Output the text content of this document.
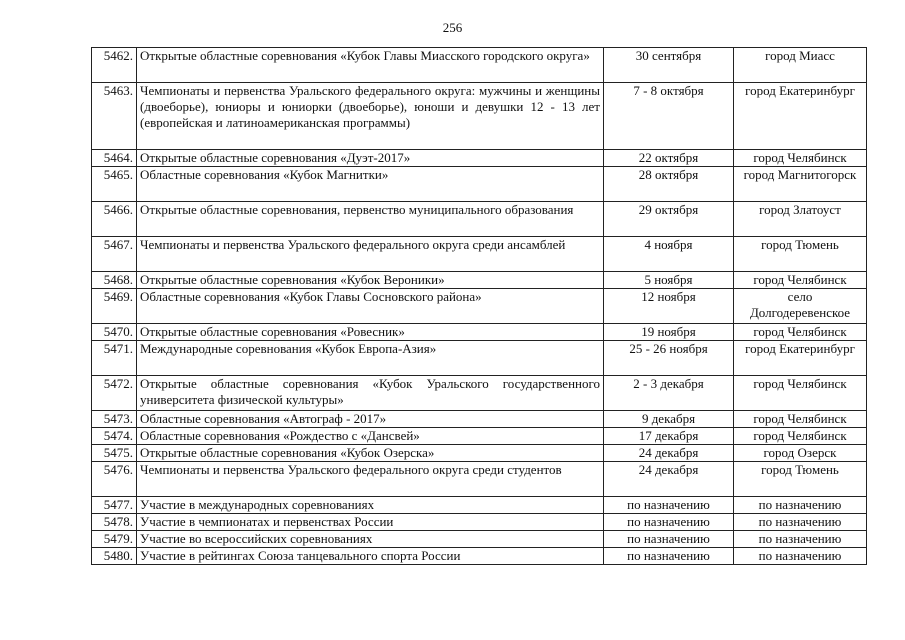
256
5462.	Открытые областные соревнования «Кубок Главы Миасского городского округа»	30 сентября	город Миасс
5463.	Чемпионаты и первенства Уральского федерального округа: мужчины и женщины (двоеборье), юниоры и юниорки (двоеборье), юноши и девушки 12 - 13 лет (европейская и латиноамериканская программы)	7 - 8 октября	город Екатеринбург
5464.	Открытые областные соревнования «Дуэт-2017»	22 октября	город Челябинск
5465.	Областные соревнования «Кубок Магнитки»	28 октября	город Магнитогорск
5466.	Открытые областные соревнования, первенство муниципального образования	29 октября	город Златоуст
5467.	Чемпионаты и первенства Уральского федерального округа среди ансамблей	4 ноября	город Тюмень
5468.	Открытые областные соревнования «Кубок Вероники»	5 ноября	город Челябинск
5469.	Областные соревнования «Кубок Главы Сосновского района»	12 ноября	село Долгодеревенское
5470.	Открытые областные соревнования «Ровесник»	19 ноября	город Челябинск
5471.	Международные соревнования «Кубок Европа-Азия»	25 - 26 ноября	город Екатеринбург
5472.	Открытые областные соревнования «Кубок Уральского государственного университета физической культуры»	2 - 3 декабря	город Челябинск
5473.	Областные соревнования «Автограф - 2017»	9 декабря	город Челябинск
5474.	Областные соревнования «Рождество с «Дансвей»	17 декабря	город Челябинск
5475.	Открытые областные соревнования «Кубок Озерска»	24 декабря	город Озерск
5476.	Чемпионаты и первенства Уральского федерального округа среди студентов	24 декабря	город Тюмень
5477.	Участие в международных соревнованиях	по назначению	по назначению
5478.	Участие в чемпионатах и первенствах России	по назначению	по назначению
5479.	Участие во всероссийских соревнованиях	по назначению	по назначению
5480.	Участие в рейтингах Союза танцевального спорта России	по назначению	по назначению
